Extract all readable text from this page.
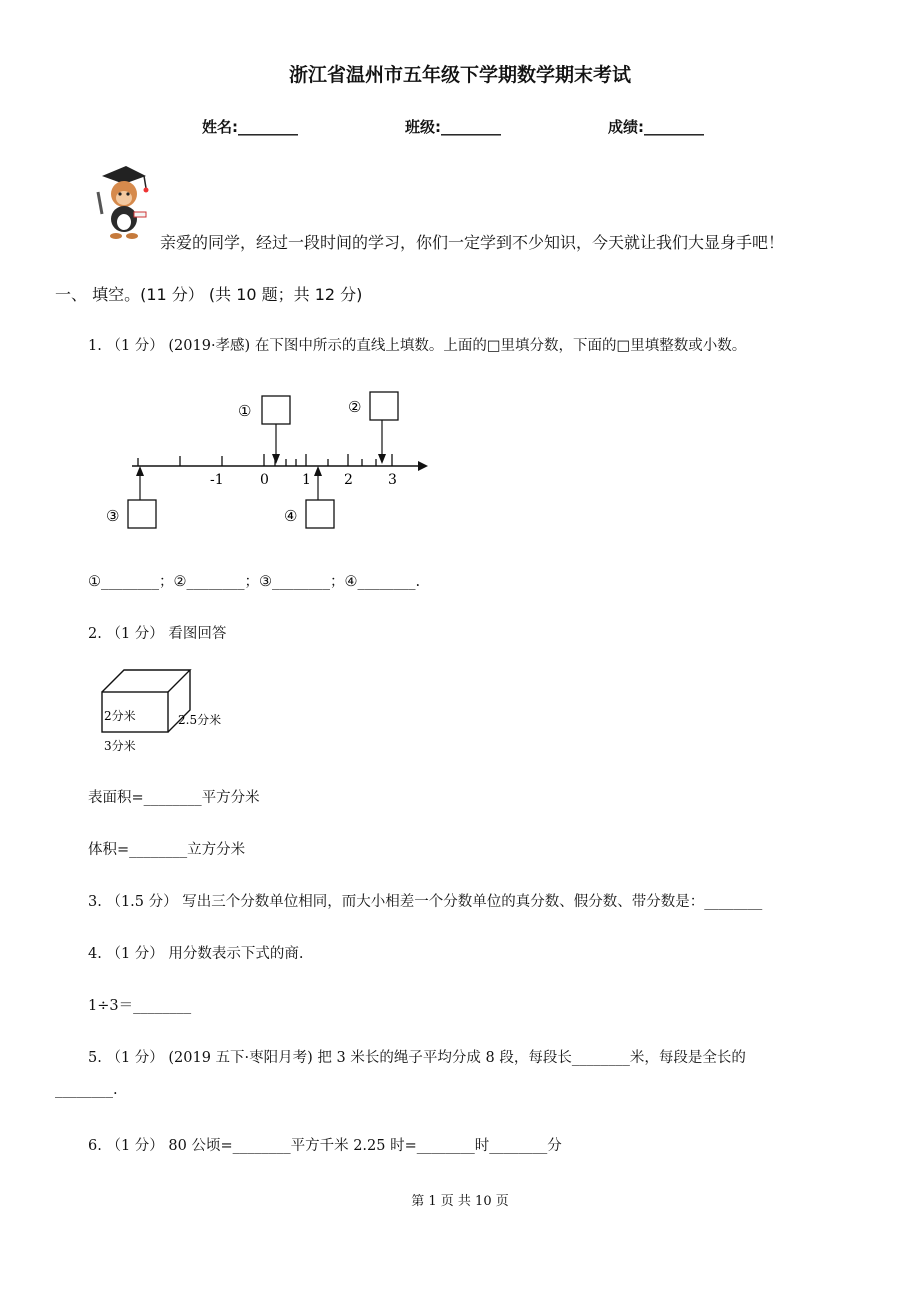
浙江省温州市五年级下学期数学期末考试
姓名:________	班级:________	成绩:________
亲爱的同学，经过一段时间的学习，你们一定学到不少知识，今天就让我们大显身手吧！
一、 填空。(11 分） (共 10 题；共 12 分)
1. （1 分） (2019·孝感) 在下图中所示的直线上填数。上面的□里填分数，下面的□里填整数或小数。
-1	0 1 2	3
①	②
③	④
①________；②________；③________；④________.
2. （1 分） 看图回答
2分米	2.5分米
3分米
表面积=________平方分米
体积=________立方分米
3. （1.5 分） 写出三个分数单位相同，而大小相差一个分数单位的真分数、假分数、带分数是：________
4. （1 分） 用分数表示下式的商.
1÷3＝________
5. （1 分） (2019 五下·枣阳月考) 把 3 米长的绳子平均分成 8 段，每段长________米，每段是全长的
________.
6. （1 分） 80 公顷=________平方千米 2.25 时=________时________分
第 1 页 共 10 页
